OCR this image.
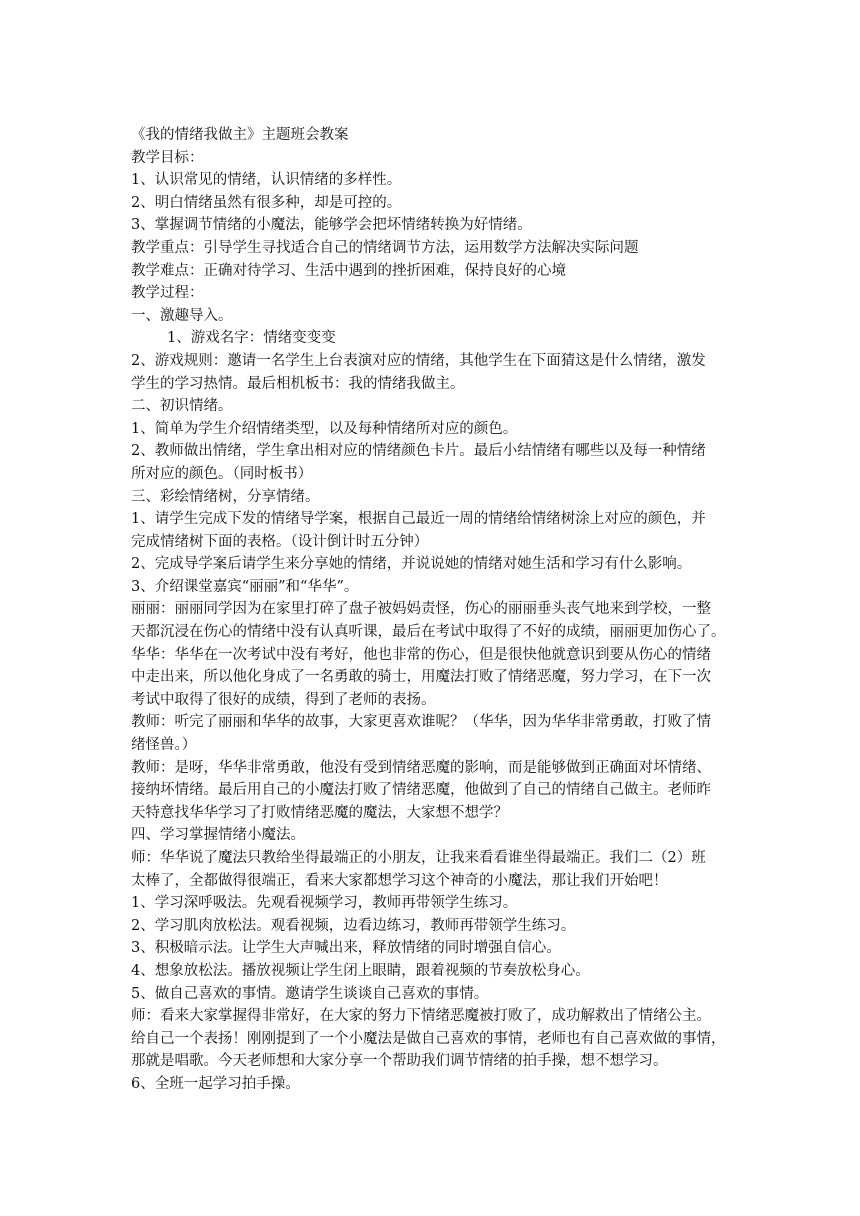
《我的情绪我做主》主题班会教案
教学目标：
1、认识常见的情绪，认识情绪的多样性。
2、明白情绪虽然有很多种，却是可控的。
3、掌握调节情绪的小魔法，能够学会把坏情绪转换为好情绪。
教学重点：引导学生寻找适合自己的情绪调节方法，运用数学方法解决实际问题
教学难点：正确对待学习、生活中遇到的挫折困难，保持良好的心境
教学过程：
一、激趣导入。
1、游戏名字：情绪变变变
2、游戏规则：邀请一名学生上台表演对应的情绪，其他学生在下面猜这是什么情绪，激发
学生的学习热情。最后相机板书：我的情绪我做主。
二、初识情绪。
1、简单为学生介绍情绪类型，以及每种情绪所对应的颜色。
2、教师做出情绪，学生拿出相对应的情绪颜色卡片。最后小结情绪有哪些以及每一种情绪
所对应的颜色。（同时板书）
三、彩绘情绪树，分享情绪。
1、请学生完成下发的情绪导学案，根据自己最近一周的情绪给情绪树涂上对应的颜色，并
完成情绪树下面的表格。（设计倒计时五分钟）
2、完成导学案后请学生来分享她的情绪，并说说她的情绪对她生活和学习有什么影响。
3、介绍课堂嘉宾“丽丽”和“华华”。
丽丽：丽丽同学因为在家里打碎了盘子被妈妈责怪，伤心的丽丽垂头丧气地来到学校，一整
天都沉浸在伤心的情绪中没有认真听课，最后在考试中取得了不好的成绩，丽丽更加伤心了。
华华：华华在一次考试中没有考好，他也非常的伤心，但是很快他就意识到要从伤心的情绪
中走出来，所以他化身成了一名勇敢的骑士，用魔法打败了情绪恶魔，努力学习，在下一次
考试中取得了很好的成绩，得到了老师的表扬。
教师：听完了丽丽和华华的故事，大家更喜欢谁呢？（华华，因为华华非常勇敢，打败了情
绪怪兽。）
教师：是呀，华华非常勇敢，他没有受到情绪恶魔的影响，而是能够做到正确面对坏情绪、
接纳坏情绪。最后用自己的小魔法打败了情绪恶魔，他做到了自己的情绪自己做主。老师昨
天特意找华华学习了打败情绪恶魔的魔法，大家想不想学？
四、学习掌握情绪小魔法。
师：华华说了魔法只教给坐得最端正的小朋友，让我来看看谁坐得最端正。我们二（2）班
太棒了，全都做得很端正，看来大家都想学习这个神奇的小魔法，那让我们开始吧！
1、学习深呼吸法。先观看视频学习，教师再带领学生练习。
2、学习肌肉放松法。观看视频，边看边练习，教师再带领学生练习。
3、积极暗示法。让学生大声喊出来，释放情绪的同时增强自信心。
4、想象放松法。播放视频让学生闭上眼睛，跟着视频的节奏放松身心。
5、做自己喜欢的事情。邀请学生谈谈自己喜欢的事情。
师：看来大家掌握得非常好，在大家的努力下情绪恶魔被打败了，成功解救出了情绪公主。
给自己一个表扬！刚刚提到了一个小魔法是做自己喜欢的事情，老师也有自己喜欢做的事情，
那就是唱歌。今天老师想和大家分享一个帮助我们调节情绪的拍手操，想不想学习。
6、全班一起学习拍手操。
